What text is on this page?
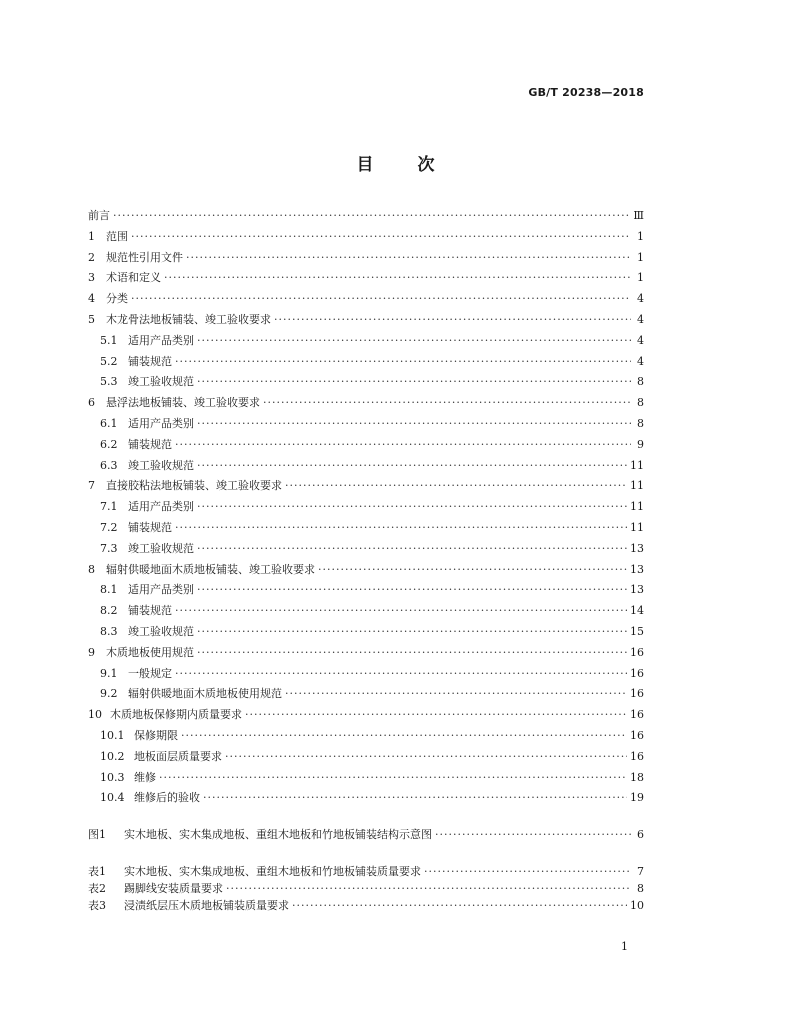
GB/T 20238—2018
目次
前言 ·····	Ⅲ
1	范围 ·····	1
2	规范性引用文件 ·····	1
3	术语和定义 ·····	1
4	分类 ·····	4
5	木龙骨法地板铺装、竣工验收要求 ·····	4
5.1 适用产品类别 ·····	4
5.2 铺装规范 ·····	4
5.3 竣工验收规范 ·····	8
6	悬浮法地板铺装、竣工验收要求 ·····	8
6.1 适用产品类别 ·····	8
6.2 铺装规范 ·····	9
6.3 竣工验收规范 ·····	11
7	直接胶粘法地板铺装、竣工验收要求 ·····	11
7.1 适用产品类别 ·····	11
7.2 铺装规范 ·····	11
7.3 竣工验收规范 ·····	13
8	辐射供暖地面木质地板铺装、竣工验收要求 ·····	13
8.1 适用产品类别 ·····	13
8.2 铺装规范 ·····	14
8.3 竣工验收规范 ·····	15
9	木质地板使用规范 ·····	16
9.1 一般规定 ·····	16
9.2 辐射供暖地面木质地板使用规范 ·····	16
10 木质地板保修期内质量要求 ·····	16
10.1 保修期限 ·····	16
10.2 地板面层质量要求 ·····	16
10.3 维修 ·····	18
10.4 维修后的验收 ·····	19
图1	实木地板、实木集成地板、重组木地板和竹地板铺装结构示意图 ·····	6
表1	实木地板、实木集成地板、重组木地板和竹地板铺装质量要求 ·····	7
表2	踢脚线安装质量要求 ·····	8
表3	浸渍纸层压木质地板铺装质量要求 ·····	10
1
